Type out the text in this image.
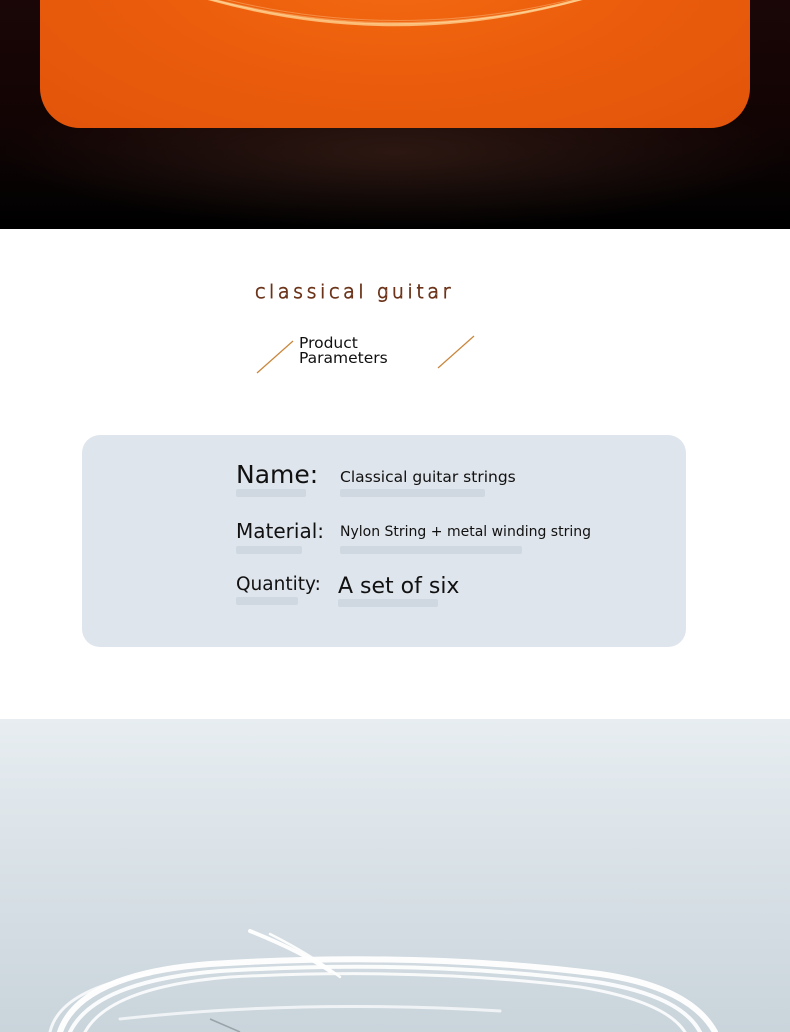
classical guitar
Product
Parameters
Name: Classical guitar strings
Material: Nylon String + metal winding string
Quantity: A set of six
